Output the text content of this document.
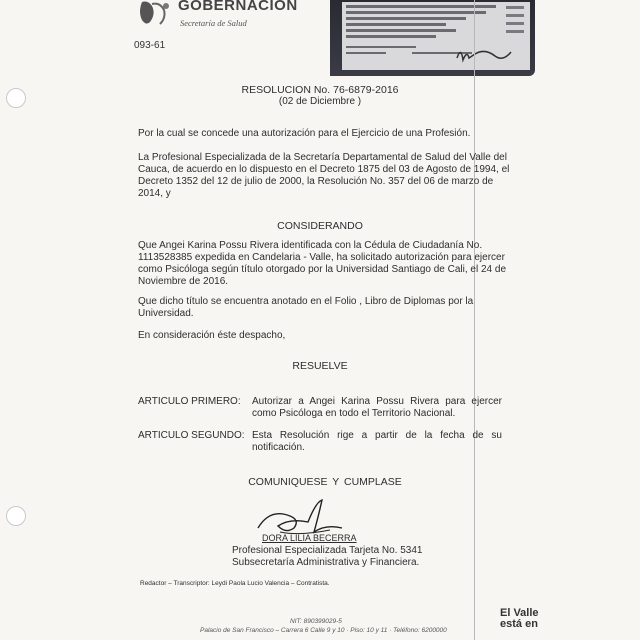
GOBERNACION
Secretaría de Salud
093-61
RESOLUCION No. 76-6879-2016
(02 de Diciembre )
Por la cual se concede una autorización para el Ejercicio de una Profesión.
La Profesional Especializada de la Secretaría Departamental de Salud del Valle del
Cauca, de acuerdo en lo dispuesto en el Decreto 1875 del 03 de Agosto de 1994, el
Decreto 1352 del 12 de julio de 2000, la Resolución No. 357 del 06 de marzo de
2014, y
CONSIDERANDO
Que Angei Karina Possu Rivera identificada con la Cédula de Ciudadanía No.
1113528385 expedida en Candelaria - Valle, ha solicitado autorización para ejercer
como Psicóloga según título otorgado por la Universidad Santiago de Cali, el 24 de
Noviembre de 2016.
Que dicho título se encuentra anotado en el Folio , Libro de Diplomas por la
Universidad.
En consideración éste despacho,
RESUELVE
ARTICULO PRIMERO: Autorizar a Angei Karina Possu Rivera para ejercer como Psicóloga en todo el Territorio Nacional.
ARTICULO SEGUNDO: Esta Resolución rige a partir de la fecha de su notificación.
COMUNIQUESE Y CUMPLASE
DORA LILIA BECERRA
Profesional Especializada Tarjeta No. 5341
Subsecretaría Administrativa y Financiera.
Redactor – Transcriptor: Leydi Paola Lucio Valencia – Contratista.
NIT: 890399029-5
Palacio de San Francisco – Carrera 6 Calle 9 y 10 · Piso: 10 y 11 · Teléfono: 6200000
El Valle
está en
